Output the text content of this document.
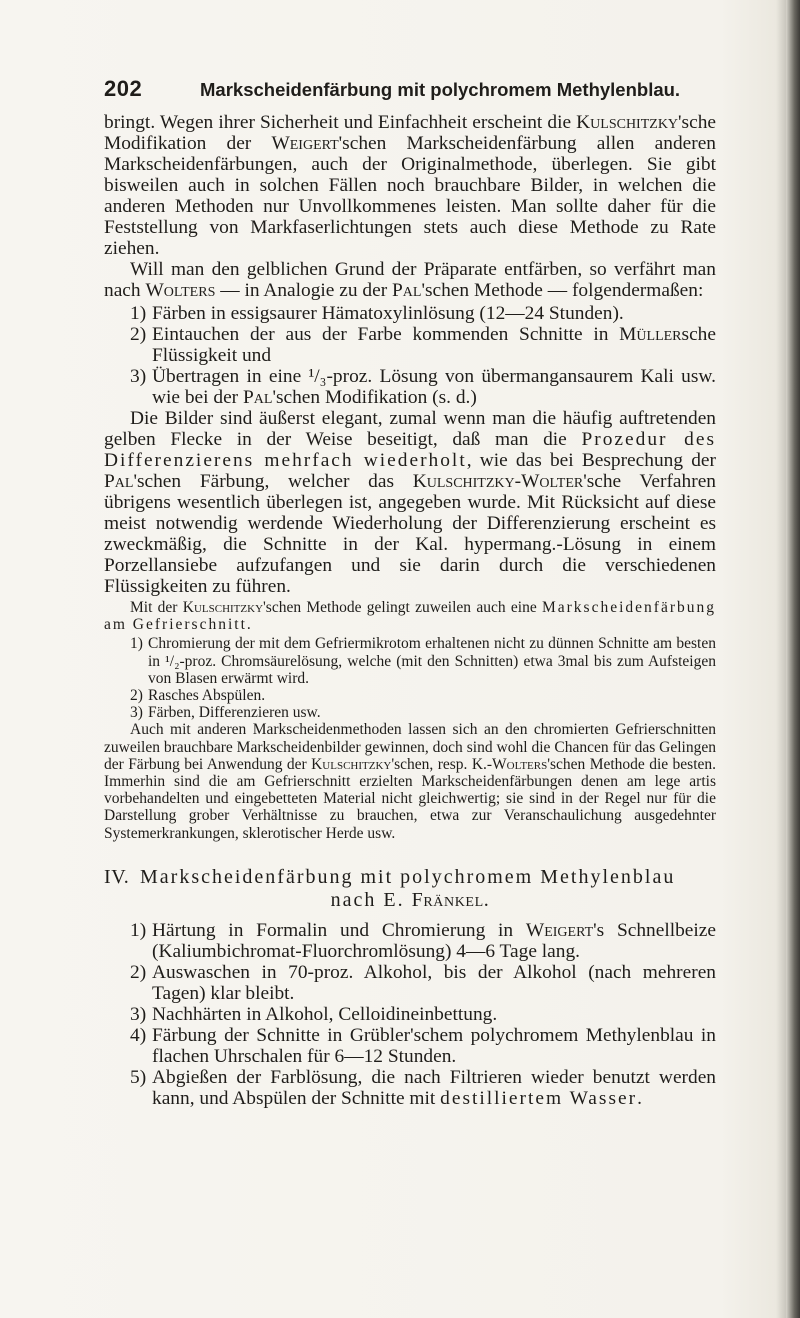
202	Markscheidenfärbung mit polychromem Methylenblau.

bringt. Wegen ihrer Sicherheit und Einfachheit erscheint die Kulschitzky'sche Modifikation der Weigert'schen Markscheidenfärbung allen anderen Markscheidenfärbungen, auch der Originalmethode, überlegen. Sie gibt bisweilen auch in solchen Fällen noch brauchbare Bilder, in welchen die anderen Methoden nur Unvollkommenes leisten. Man sollte daher für die Feststellung von Markfaserlichtungen stets auch diese Methode zu Rate ziehen.

Will man den gelblichen Grund der Präparate entfärben, so verfährt man nach Wolters — in Analogie zu der Pal'schen Methode — folgendermaßen:

1) Färben in essigsaurer Hämatoxylinlösung (12—24 Stunden).
2) Eintauchen der aus der Farbe kommenden Schnitte in Müllersche Flüssigkeit und
3) Übertragen in eine ¹/₃-proz. Lösung von übermangansaurem Kali usw. wie bei der Pal'schen Modifikation (s. d.)

Die Bilder sind äußerst elegant, zumal wenn man die häufig auftretenden gelben Flecke in der Weise beseitigt, daß man die Prozedur des Differenzierens mehrfach wiederholt, wie das bei Besprechung der Pal'schen Färbung, welcher das Kulschitzky-Wolter'sche Verfahren übrigens wesentlich überlegen ist, angegeben wurde. Mit Rücksicht auf diese meist notwendig werdende Wiederholung der Differenzierung erscheint es zweckmäßig, die Schnitte in der Kal. hypermang.-Lösung in einem Porzellansiebe aufzufangen und sie darin durch die verschiedenen Flüssigkeiten zu führen.

Mit der Kulschitzky'schen Methode gelingt zuweilen auch eine Markscheidenfärbung am Gefrierschnitt.

1) Chromierung der mit dem Gefriermikrotom erhaltenen nicht zu dünnen Schnitte am besten in ¹/₂-proz. Chromsäurelösung, welche (mit den Schnitten) etwa 3mal bis zum Aufsteigen von Blasen erwärmt wird.
2) Rasches Abspülen.
3) Färben, Differenzieren usw.

Auch mit anderen Markscheidenmethoden lassen sich an den chromierten Gefrierschnitten zuweilen brauchbare Markscheidenbilder gewinnen, doch sind wohl die Chancen für das Gelingen der Färbung bei Anwendung der Kulschitzky'schen, resp. K.-Wolters'schen Methode die besten. Immerhin sind die am Gefrierschnitt erzielten Markscheidenfärbungen denen am lege artis vorbehandelten und eingebetteten Material nicht gleichwertig; sie sind in der Regel nur für die Darstellung grober Verhältnisse zu brauchen, etwa zur Veranschaulichung ausgedehnter Systemerkrankungen, sklerotischer Herde usw.

IV. Markscheidenfärbung mit polychromem Methylenblau
nach E. Fränkel.
1) Härtung in Formalin und Chromierung in Weigert's Schnellbeize (Kaliumbichromat-Fluorchromlösung) 4—6 Tage lang.
2) Auswaschen in 70-proz. Alkohol, bis der Alkohol (nach mehreren Tagen) klar bleibt.
3) Nachhärten in Alkohol, Celloidineinbettung.
4) Färbung der Schnitte in Grübler'schem polychromem Methylenblau in flachen Uhrschalen für 6—12 Stunden.
5) Abgießen der Farblösung, die nach Filtrieren wieder benutzt werden kann, und Abspülen der Schnitte mit destilliertem Wasser.
